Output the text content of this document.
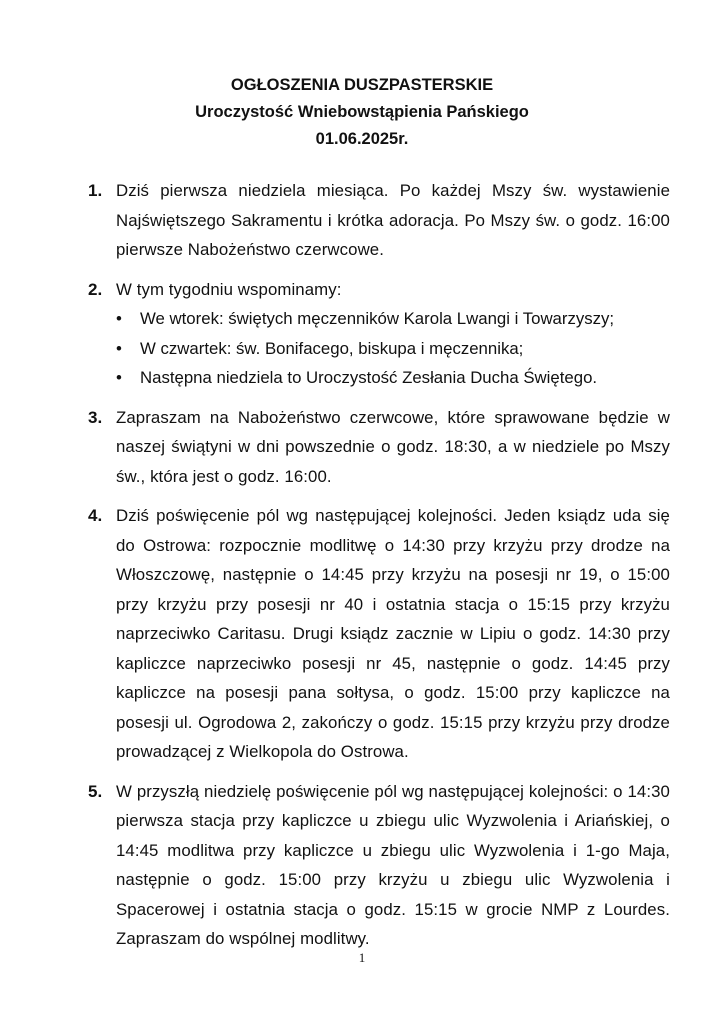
OGŁOSZENIA DUSZPASTERSKIE
Uroczystość Wniebowstąpienia Pańskiego
01.06.2025r.
1. Dziś pierwsza niedziela miesiąca. Po każdej Mszy św. wystawienie Najświętszego Sakramentu i krótka adoracja. Po Mszy św. o godz. 16:00 pierwsze Nabożeństwo czerwcowe.

2. W tym tygodniu wspominamy:

•	We wtorek: świętych męczenników Karola Lwangi i Towarzyszy;
•	W czwartek: św. Bonifacego, biskupa i męczennika;
•	Następna niedziela to Uroczystość Zesłania Ducha Świętego.
3. Zapraszam na Nabożeństwo czerwcowe, które sprawowane będzie w naszej świątyni w dni powszednie o godz. 18:30, a w niedziele po Mszy św., która jest o godz. 16:00.

4. Dziś poświęcenie pól wg następującej kolejności. Jeden ksiądz uda się do Ostrowa: rozpocznie modlitwę o 14:30 przy krzyżu przy drodze na Włoszczowę, następnie o 14:45 przy krzyżu na posesji nr 19, o 15:00 przy krzyżu przy posesji nr 40 i ostatnia stacja o 15:15 przy krzyżu naprzeciwko Caritasu. Drugi ksiądz zacznie w Lipiu o godz. 14:30 przy kapliczce naprzeciwko posesji nr 45, następnie o godz. 14:45 przy kapliczce na posesji pana sołtysa, o godz. 15:00 przy kapliczce na posesji ul. Ogrodowa 2, zakończy o godz. 15:15 przy krzyżu przy drodze prowadzącej z Wielkopola do Ostrowa.

5. W przyszłą niedzielę poświęcenie pól wg następującej kolejności: o 14:30 pierwsza stacja przy kapliczce u zbiegu ulic Wyzwolenia i Ariańskiej, o 14:45 modlitwa przy kapliczce u zbiegu ulic Wyzwolenia i 1-go Maja, następnie o godz. 15:00 przy krzyżu u zbiegu ulic Wyzwolenia i Spacerowej i ostatnia stacja o godz. 15:15 w grocie NMP z Lourdes. Zapraszam do wspólnej modlitwy.

1
